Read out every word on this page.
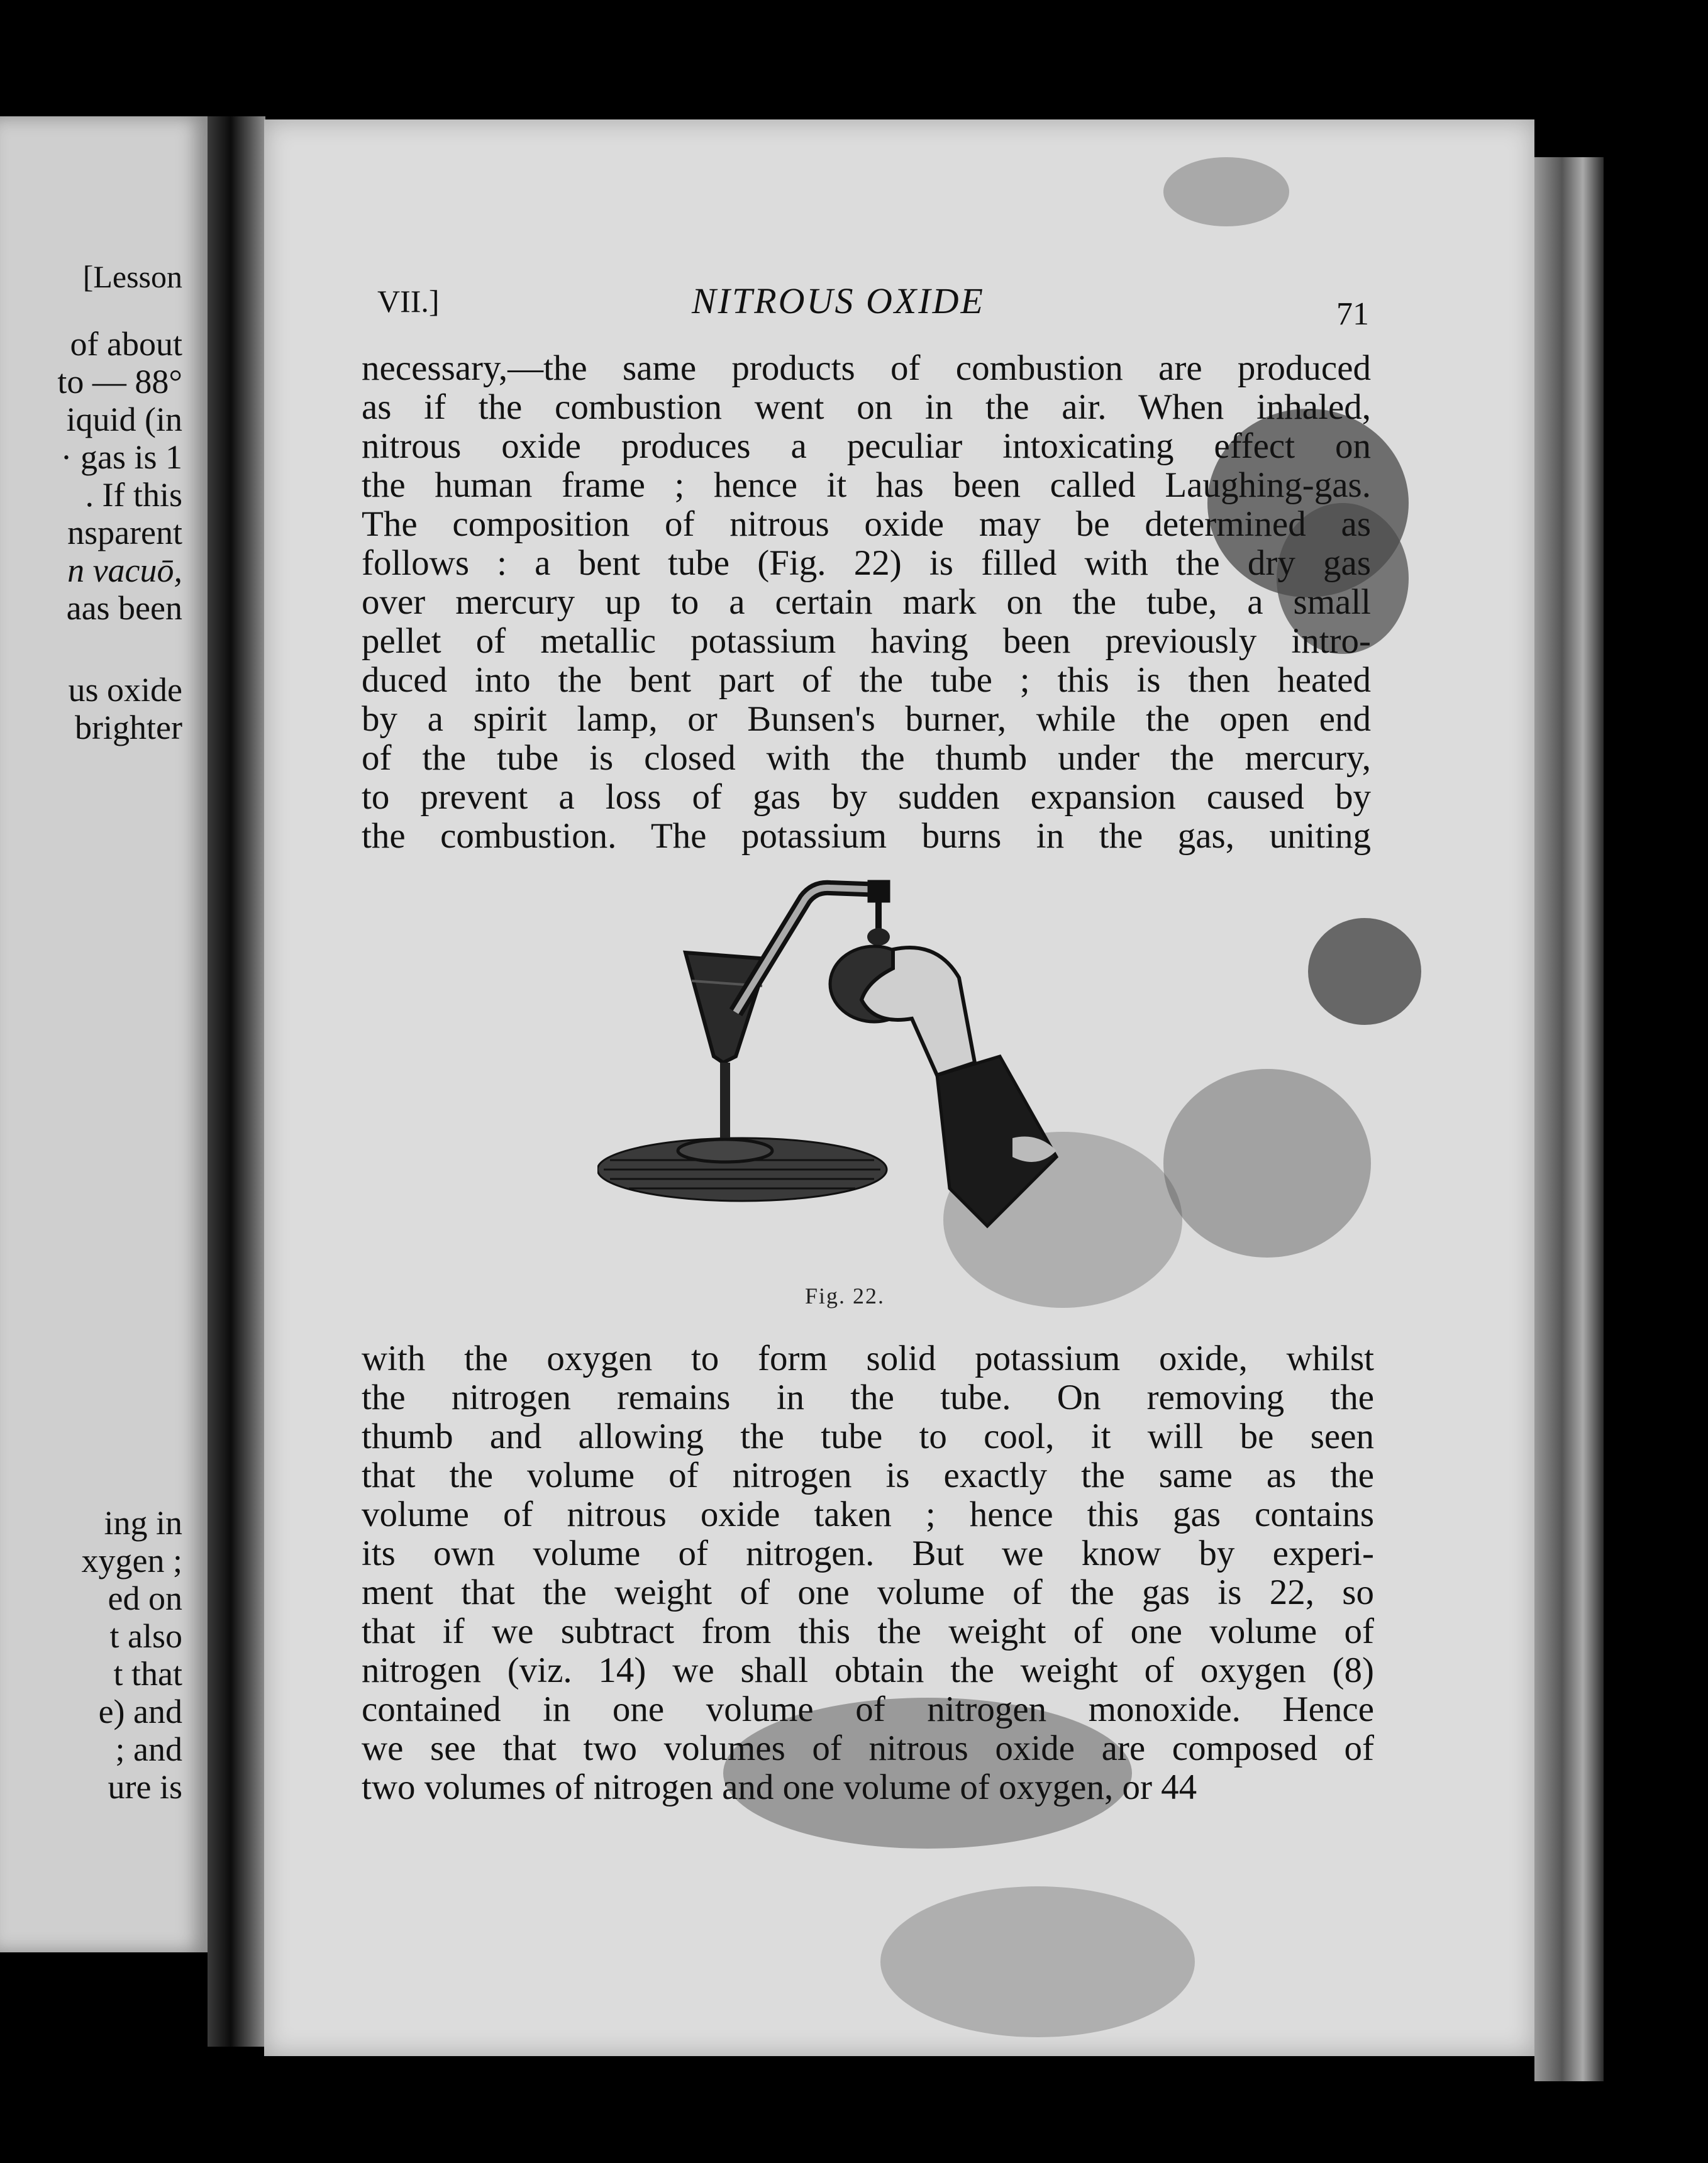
[Lesson
of about
to — 88°
iquid (in
· gas is 1
. If this
nsparent
n vacuō,
aas been
us oxide
brighter
ing in
xygen ;
ed on
t also
t that
e) and
; and
ure is
VII.]	NITROUS OXIDE	71
necessary,—the same products of combustion are produced
as if the combustion went on in the air. When inhaled,
nitrous oxide produces a peculiar intoxicating effect on
the human frame ; hence it has been called Laughing-gas.
The composition of nitrous oxide may be determined as
follows : a bent tube (Fig. 22) is filled with the dry gas
over mercury up to a certain mark on the tube, a small
pellet of metallic potassium having been previously intro-
duced into the bent part of the tube ; this is then heated
by a spirit lamp, or Bunsen's burner, while the open end
of the tube is closed with the thumb under the mercury,
to prevent a loss of gas by sudden expansion caused by
the combustion. The potassium burns in the gas, uniting
Fig. 22.
with the oxygen to form solid potassium oxide, whilst
the nitrogen remains in the tube. On removing the
thumb and allowing the tube to cool, it will be seen
that the volume of nitrogen is exactly the same as the
volume of nitrous oxide taken ; hence this gas contains
its own volume of nitrogen. But we know by experi-
ment that the weight of one volume of the gas is 22, so
that if we subtract from this the weight of one volume of
nitrogen (viz. 14) we shall obtain the weight of oxygen (8)
contained in one volume of nitrogen monoxide. Hence
we see that two volumes of nitrous oxide are composed of
two volumes of nitrogen and one volume of oxygen, or 44
